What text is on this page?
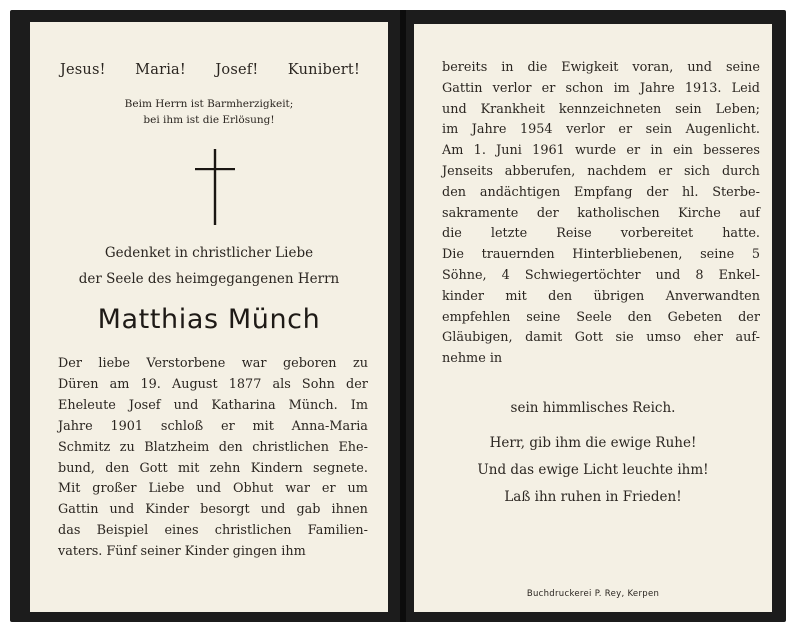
Jesus! Maria! Josef! Kunibert!
Beim Herrn ist Barmherzigkeit;
bei ihm ist die Erlösung!
Gedenket in christlicher Liebe
der Seele des heimgegangenen Herrn
Matthias Münch
Der liebe Verstorbene war geboren zu
Düren am 19. August 1877 als Sohn der
Eheleute Josef und Katharina Münch. Im
Jahre 1901 schloß er mit Anna-Maria
Schmitz zu Blatzheim den christlichen Ehe-
bund, den Gott mit zehn Kindern segnete.
Mit großer Liebe und Obhut war er um
Gattin und Kinder besorgt und gab ihnen
das Beispiel eines christlichen Familien-
vaters. Fünf seiner Kinder gingen ihm
bereits in die Ewigkeit voran, und seine
Gattin verlor er schon im Jahre 1913. Leid
und Krankheit kennzeichneten sein Leben;
im Jahre 1954 verlor er sein Augenlicht.
Am 1. Juni 1961 wurde er in ein besseres
Jenseits abberufen, nachdem er sich durch
den andächtigen Empfang der hl. Sterbe-
sakramente der katholischen Kirche auf
die letzte Reise vorbereitet hatte.
Die trauernden Hinterbliebenen, seine 5
Söhne, 4 Schwiegertöchter und 8 Enkel-
kinder mit den übrigen Anverwandten
empfehlen seine Seele den Gebeten der
Gläubigen, damit Gott sie umso eher auf-
nehme in
sein himmlisches Reich.
Herr, gib ihm die ewige Ruhe!
Und das ewige Licht leuchte ihm!
Laß ihn ruhen in Frieden!
Buchdruckerei P. Rey, Kerpen
